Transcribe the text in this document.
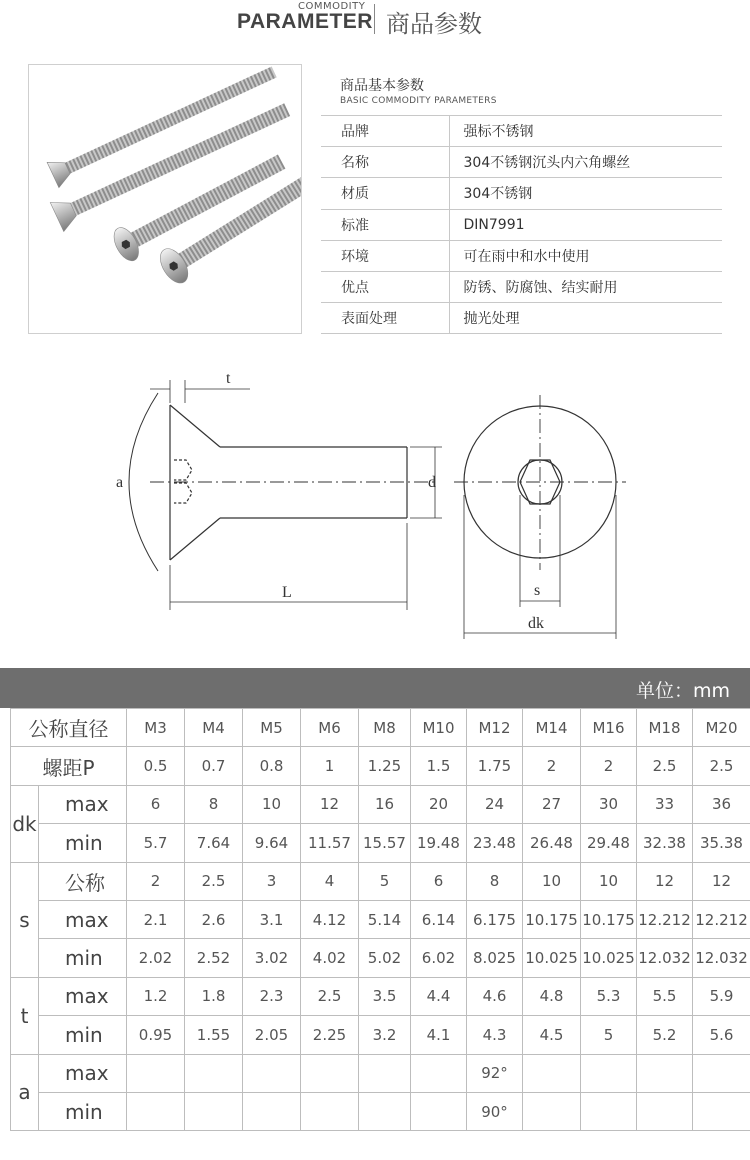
COMMODITY
PARAMETER 商品参数
商品基本参数
BASIC COMMODITY PARAMETERS
品牌	强标不锈钢
名称	304不锈钢沉头内六角螺丝
材质	304不锈钢
标准	DIN7991
环境	可在雨中和水中使用
优点	防锈、防腐蚀、结实耐用
表面处理	抛光处理
t
a	d
L	s
dk
单位：mm
公称直径		M3	M4	M5	M6	M8	M10	M12	M14	M16	M18	M20
螺距P		0.5	0.7	0.8	1	1.25	1.5	1.75	2	2	2.5	2.5
dk	max	6	8	10	12	16	20	24	27	30	33	36
	min	5.7	7.64	9.64	11.57	15.57	19.48	23.48	26.48	29.48	32.38	35.38
s	公称	2	2.5	3	4	5	6	8	10	10	12	12
	max	2.1	2.6	3.1	4.12	5.14	6.14	6.175	10.175	10.175	12.212	12.212
	min	2.02	2.52	3.02	4.02	5.02	6.02	8.025	10.025	10.025	12.032	12.032
t	max	1.2	1.8	2.3	2.5	3.5	4.4	4.6	4.8	5.3	5.5	5.9
	min	0.95	1.55	2.05	2.25	3.2	4.1	4.3	4.5	5	5.2	5.6
a	max							92°				
	min							90°				
